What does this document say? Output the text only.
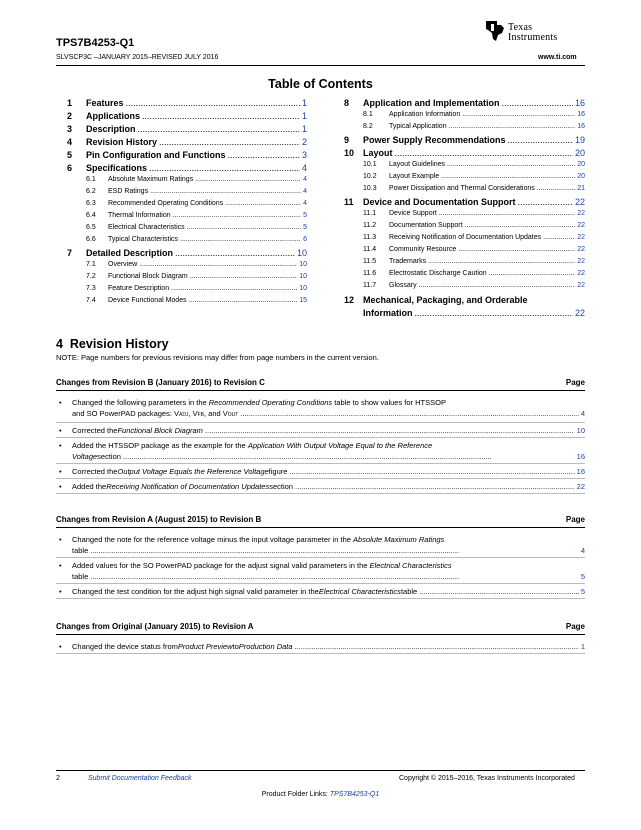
TPS7B4253-Q1
SLVSCP3C –JANUARY 2015–REVISED JULY 2016	www.ti.com
Texas
Instruments
Table of Contents
1	Features .....	1
2	Applications .....	1
3	Description .....	1
4	Revision History .....	2
5	Pin Configuration and Functions .....	3
6	Specifications .....	4
6.1	Absolute Maximum Ratings .....	4
6.2	ESD Ratings .....	4
6.3	Recommended Operating Conditions .....	4
6.4	Thermal Information .....	5
6.5	Electrical Characteristics .....	5
6.6	Typical Characteristics .....	6
7	Detailed Description .....	10
7.1	Overview .....	10
7.2	Functional Block Diagram .....	10
7.3	Feature Description .....	10
7.4	Device Functional Modes .....	15
8	Application and Implementation .....	16
8.1	Application Information .....	16
8.2	Typical Application .....	16
9	Power Supply Recommendations .....	19
10 Layout .....	20
10.1	Layout Guidelines .....	20
10.2	Layout Example .....	20
10.3	Power Dissipation and Thermal Considerations .....	21
11	Device and Documentation Support .....	22
11.1	Device Support .....	22
11.2	Documentation Support .....	22
11.3	Receiving Notification of Documentation Updates .....	22
11.4	Community Resource .....	22
11.5	Trademarks .....	22
11.6	Electrostatic Discharge Caution .....	22
11.7	Glossary .....	22
12 Mechanical, Packaging, and Orderable
Information .....	22
4 Revision History
NOTE: Page numbers for previous revisions may differ from page numbers in the current version.
Changes from Revision B (January 2016) to Revision C	Page
• Changed the following parameters in the Recommended Operating Conditions table to show values for HTSSOP
and SO PowerPAD packages: $V_{ADJ}$ , $V_{FB}$ , and $V_{OUT}$ .....	4
• Corrected the Functional Block Diagram .....	10
• Added the HTSSOP package as the example for the Application With Output Voltage Equal to the Reference
Voltage section .....	16
• Corrected the Output Voltage Equals the Reference Voltage figure .....	16
• Added the Receiving Notification of Documentation Updates section .....	22
Changes from Revision A (August 2015) to Revision B	Page
• Changed the note for the reference voltage minus the input voltage parameter in the Absolute Maximum Ratings
table .....	4
• Added values for the SO PowerPAD package for the adjust signal valid parameters in the Electrical Characteristics
table .....	5
• Changed the test condition for the adjust high signal valid parameter in the Electrical Characteristics table .....	5
Changes from Original (January 2015) to Revision A	Page
• Changed the device status from Product Preview to Production Data .....	1
2	Submit Documentation Feedback	Copyright © 2015–2016, Texas Instruments Incorporated
Product Folder Links: TPS7B4253-Q1
